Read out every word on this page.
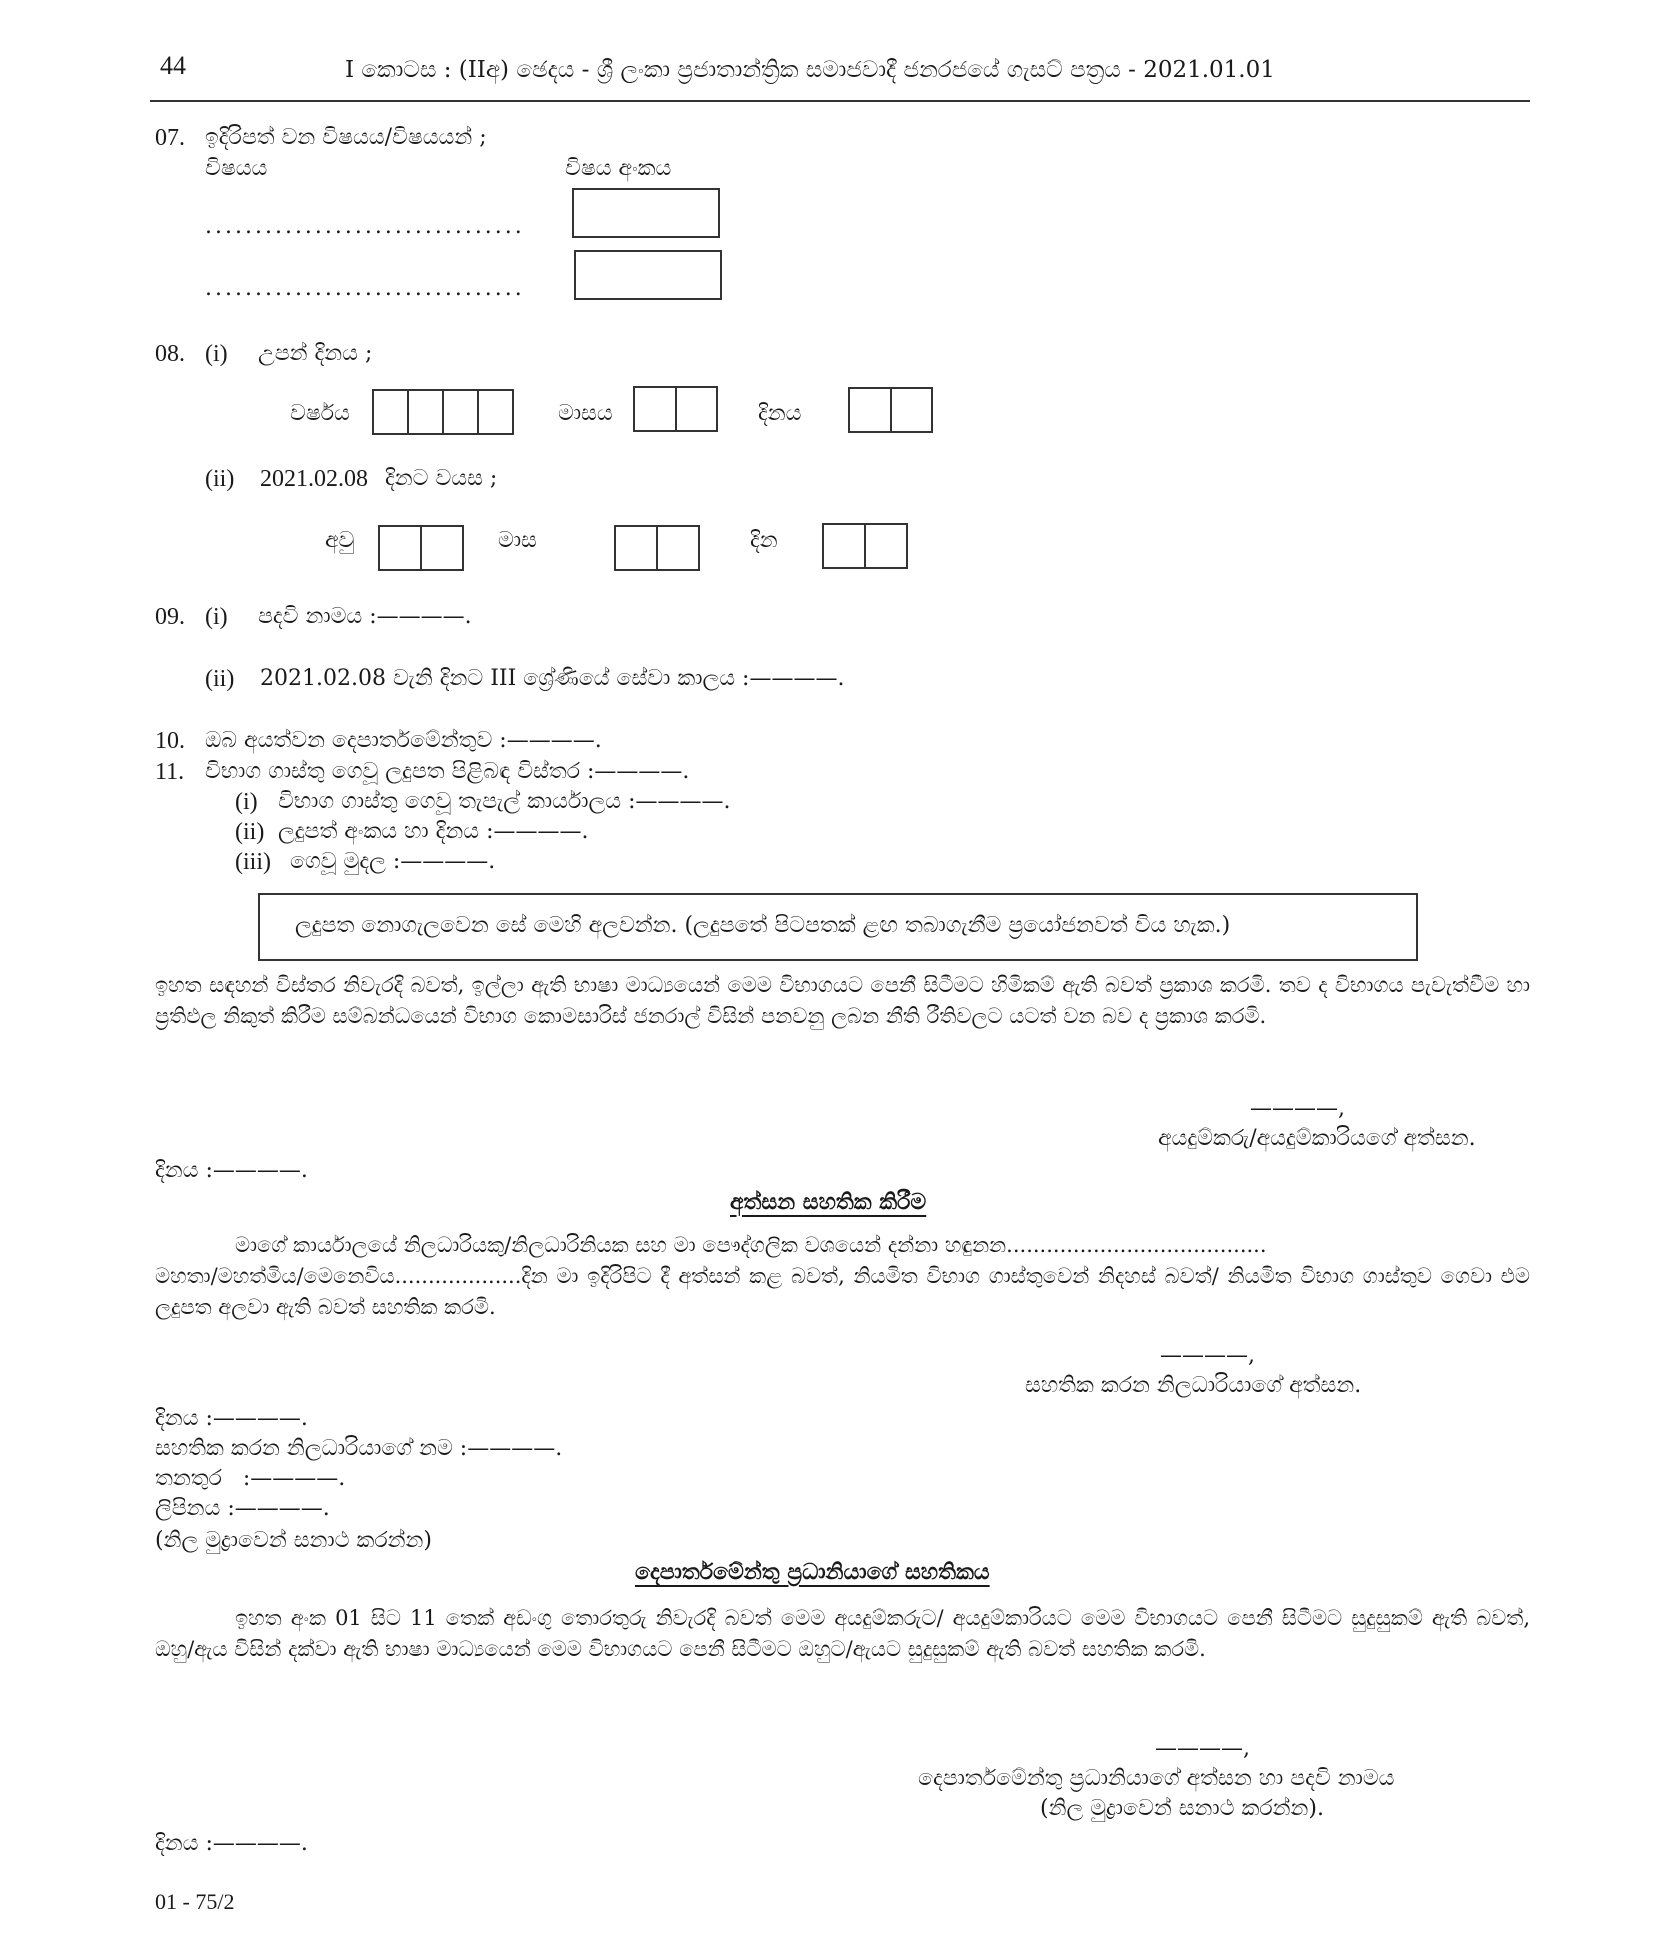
44	I කොටස : (IIඅ) ඡෙදය - ශ්‍රී ලංකා ප්‍රජාතාන්ත්‍රික සමාජවාදී ජනරජයේ ගැසට් පත්‍රය - 2021.01.01
07. ඉදිරිපත් වන විෂයය/විෂයයන් ;
විෂයය	විෂය අංකය
................................
................................
08. (i) උපන් දිනය ;
වර්ෂය	මාසය	දිනය
(ii) 2021.02.08 දිනට වයස ;
අවු	මාස	දින
09. (i) පදවි නාමය :————.
(ii) 2021.02.08 වැනි දිනට III ශ්‍රේණියේ සේවා කාලය :————.
10. ඔබ අයත්වන දෙපාර්තමේන්තුව :————.
11. විභාග ගාස්තු ගෙවූ ලදුපත පිළිබඳ විස්තර :————.
(i) විභාග ගාස්තු ගෙවූ තැපැල් කාර්යාලය :————.
(ii) ලදුපත් අංකය හා දිනය :————.
(iii) ගෙවූ මුදල :————.
ලදුපත නොගැලවෙන සේ මෙහි අලවන්න. (ලදුපතේ පිටපතක් ළඟ තබාගැනීම ප්‍රයෝජනවත් විය හැක.)
ඉහත සඳහන් විස්තර නිවැරදි බවත්, ඉල්ලා ඇති භාෂා මාධ්‍යයෙන් මෙම විභාගයට පෙනී සිටීමට හිමිකම් ඇති බවත් ප්‍රකාශ කරමි. තව ද විභාගය පැවැත්වීම හා ප්‍රතිඵල නිකුත් කිරීම සම්බන්ධයෙන් විභාග කොමසාරිස් ජනරාල් විසින් පනවනු ලබන නීති රීතිවලට යටත් වන බව ද ප්‍රකාශ කරමි.
————,
අයදුම්කරු/අයදුම්කාරියගේ අත්සන.
දිනය :————.
අත්සන සහතික කිරීම
මාගේ කාර්යාලයේ නිලධාරියකු/නිලධාරිනියක සහ මා පෞද්ගලික වශයෙන් දන්නා හඳුනන.......................................
මහතා/මහත්මිය/මෙනෙවිය...................දින මා ඉදිරිපිට දී අත්සන් කළ බවත්, නියමිත විභාග ගාස්තුවෙන් නිදහස් බවත්/ නියමිත විභාග ගාස්තුව ගෙවා එම ලදුපත අලවා ඇති බවත් සහතික කරමි.
————,
සහතික කරන නිලධාරියාගේ අත්සන.
දිනය :————.
සහතික කරන නිලධාරියාගේ නම :————.
තනතුර   :————.
ලිපිනය :————.
(නිල මුද්‍රාවෙන් සනාථ කරන්න)
දෙපාර්තමේන්තු ප්‍රධානියාගේ සහතිකය
ඉහත අංක 01 සිට 11 තෙක් අඩංගු තොරතුරු නිවැරදි බවත් මෙම අයදුම්කරුට/ අයදුම්කාරියට මෙම විභාගයට පෙනී සිටීමට සුදුසුකම් ඇති බවත්, ඔහු/ඇය විසින් දක්වා ඇති භාෂා මාධ්‍යයෙන් මෙම විභාගයට පෙනී සිටීමට ඔහුට/ඇයට සුදුසුකම් ඇති බවත් සහතික කරමි.
————,
දෙපාර්තමේන්තු ප්‍රධානියාගේ අත්සන හා පදවි නාමය
(නිල මුද්‍රාවෙන් සනාථ කරන්න).
දිනය :————.
01 - 75/2
